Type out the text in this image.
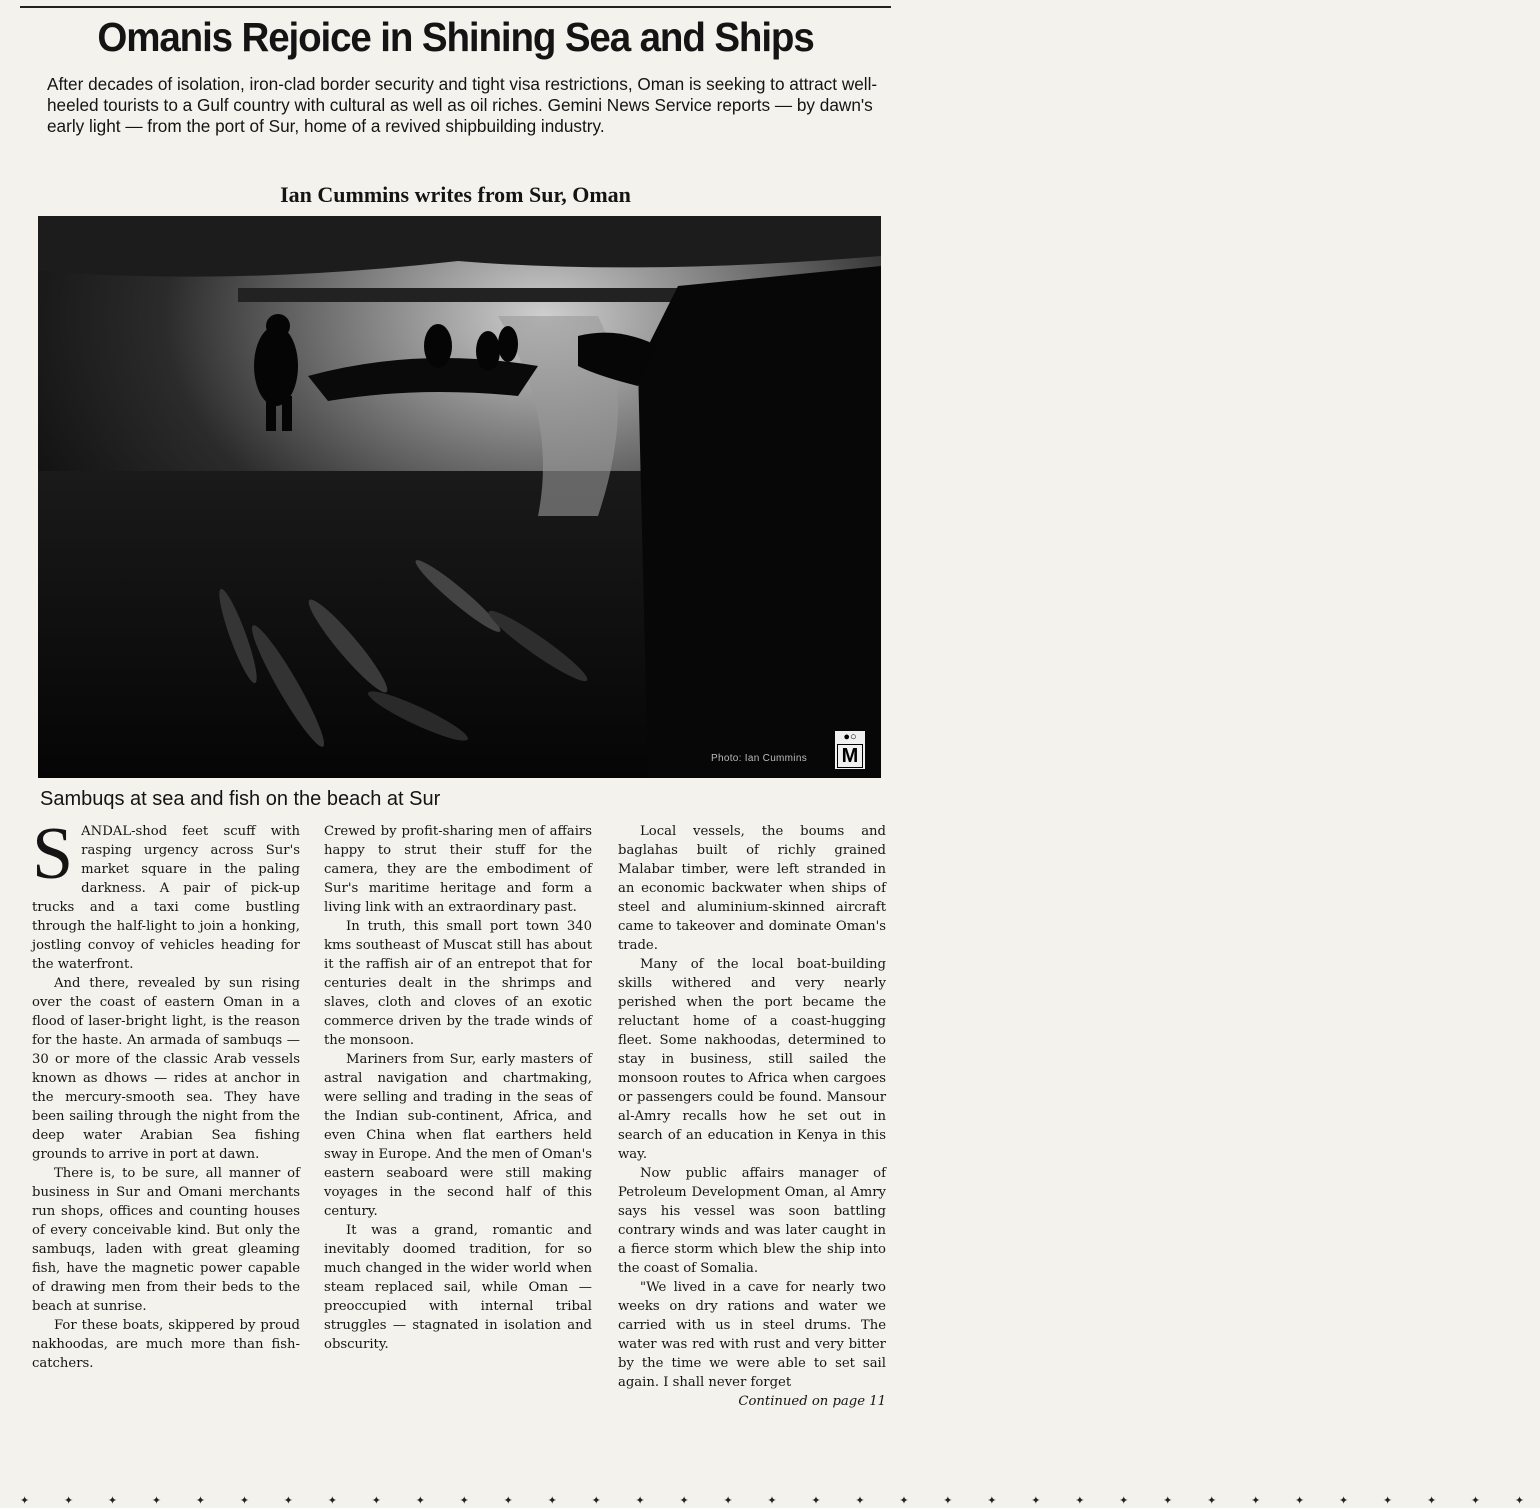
Omanis Rejoice in Shining Sea and Ships
After decades of isolation, iron-clad border security and tight visa restrictions, Oman is seeking to attract well-heeled tourists to a Gulf country with cultural as well as oil riches. Gemini News Service reports — by dawn's early light — from the port of Sur, home of a revived shipbuilding industry.
Ian Cummins writes from Sur, Oman
Photo: Ian Cummins
●○
M
Sambuqs at sea and fish on the beach at Sur

SANDAL-shod feet scuff with rasping urgency across Sur's market square in the paling darkness. A pair of pick-up trucks and a taxi come bustling through the half-light to join a honking, jostling convoy of vehicles heading for the waterfront.

And there, revealed by sun rising over the coast of eastern Oman in a flood of laser-bright light, is the reason for the haste. An armada of sambuqs — 30 or more of the classic Arab vessels known as dhows — rides at anchor in the mercury-smooth sea. They have been sailing through the night from the deep water Arabian Sea fishing grounds to arrive in port at dawn.

There is, to be sure, all manner of business in Sur and Omani merchants run shops, offices and counting houses of every conceivable kind. But only the sambuqs, laden with great gleaming fish, have the magnetic power capable of drawing men from their beds to the beach at sunrise.

For these boats, skippered by proud nakhoodas, are much more than fish-catchers.

Crewed by profit-sharing men of affairs happy to strut their stuff for the camera, they are the embodiment of Sur's maritime heritage and form a living link with an extraordinary past.

In truth, this small port town 340 kms southeast of Muscat still has about it the raffish air of an entrepot that for centuries dealt in the shrimps and slaves, cloth and cloves of an exotic commerce driven by the trade winds of the monsoon.

Mariners from Sur, early masters of astral navigation and chartmaking, were selling and trading in the seas of the Indian sub-continent, Africa, and even China when flat earthers held sway in Europe. And the men of Oman's eastern seaboard were still making voyages in the second half of this century.

It was a grand, romantic and inevitably doomed tradition, for so much changed in the wider world when steam replaced sail, while Oman — preoccupied with internal tribal struggles — stagnated in isolation and obscurity.

Local vessels, the boums and baglahas built of richly grained Malabar timber, were left stranded in an economic backwater when ships of steel and aluminium-skinned aircraft came to takeover and dominate Oman's trade.

Many of the local boat-building skills withered and very nearly perished when the port became the reluctant home of a coast-hugging fleet. Some nakhoodas, determined to stay in business, still sailed the monsoon routes to Africa when cargoes or passengers could be found. Mansour al-Amry recalls how he set out in search of an education in Kenya in this way.

Now public affairs manager of Petroleum Development Oman, al Amry says his vessel was soon battling contrary winds and was later caught in a fierce storm which blew the ship into the coast of Somalia.

"We lived in a cave for nearly two weeks on dry rations and water we carried with us in steel drums. The water was red with rust and very bitter by the time we were able to set sail again. I shall never forget

Continued on page 11

✦ ✦ ✦ ✦ ✦ ✦ ✦ ✦ ✦ ✦ ✦ ✦ ✦ ✦ ✦ ✦ ✦ ✦ ✦ ✦ ✦ ✦ ✦ ✦ ✦ ✦ ✦ ✦ ✦ ✦ ✦ ✦ ✦ ✦ ✦
